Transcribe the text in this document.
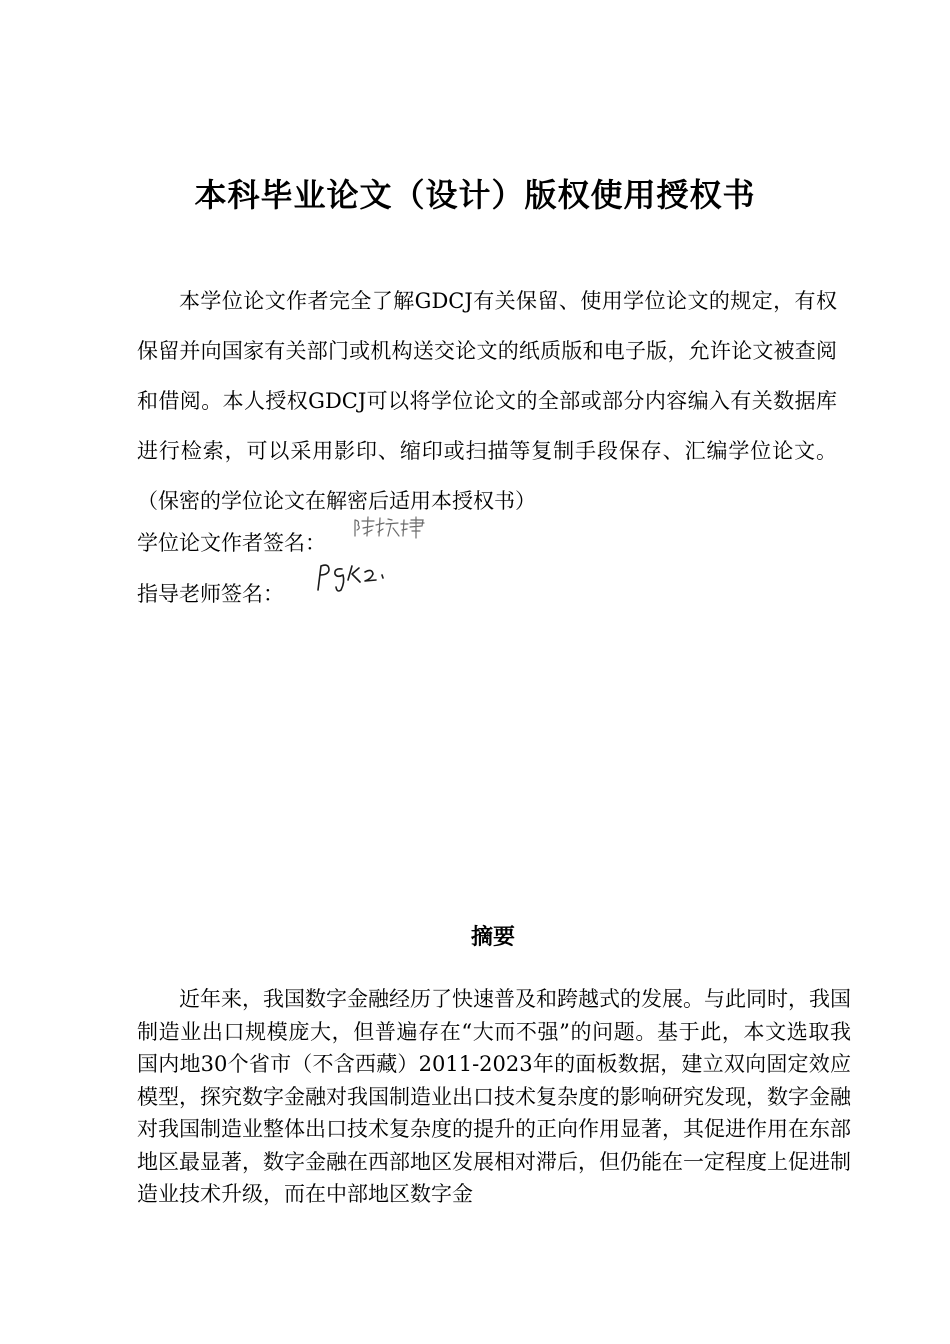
本科毕业论文（设计）版权使用授权书
本学位论文作者完全了解GDCJ有关保留、使用学位论文的规定，有权保留并向国家有关部门或机构送交论文的纸质版和电子版，允许论文被查阅和借阅。本人授权GDCJ可以将学位论文的全部或部分内容编入有关数据库进行检索，可以采用影印、缩印或扫描等复制手段保存、汇编学位论文。（保密的学位论文在解密后适用本授权书）
学位论文作者签名：
指导老师签名：
摘要
近年来，我国数字金融经历了快速普及和跨越式的发展。与此同时，我国制造业出口规模庞大，但普遍存在“大而不强”的问题。基于此，本文选取我国内地30个省市（不含西藏）2011-2023年的面板数据，建立双向固定效应模型，探究数字金融对我国制造业出口技术复杂度的影响研究发现，数字金融对我国制造业整体出口技术复杂度的提升的正向作用显著，其促进作用在东部地区最显著，数字金融在西部地区发展相对滞后，但仍能在一定程度上促进制造业技术升级，而在中部地区数字金
